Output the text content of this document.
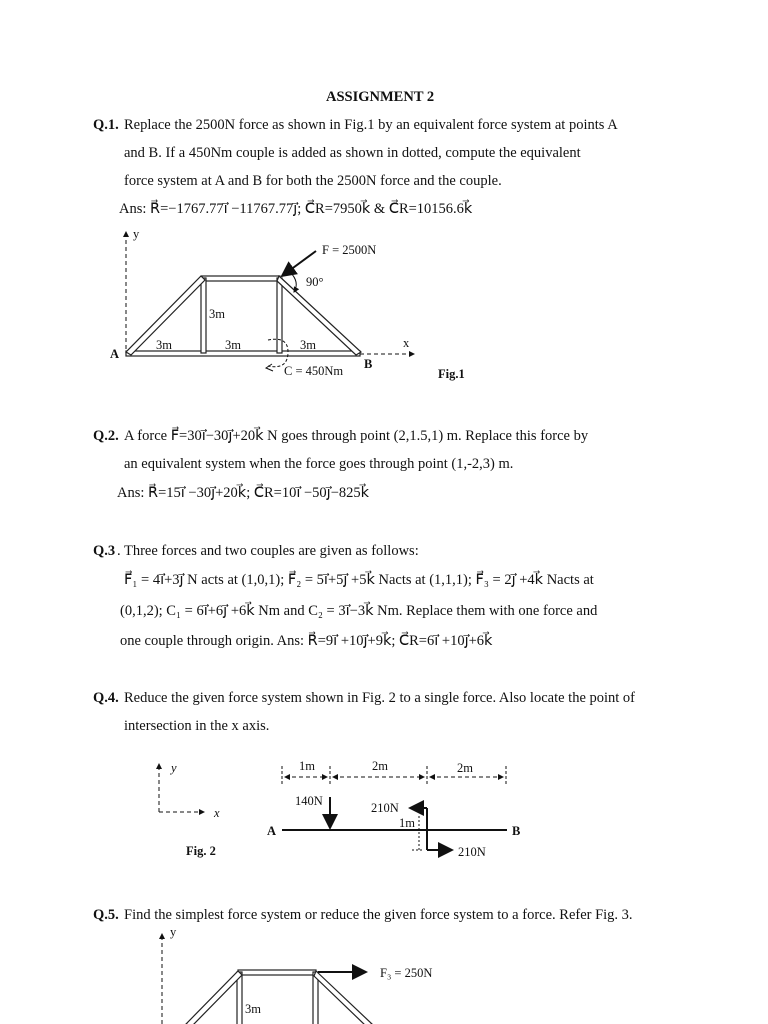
ASSIGNMENT 2
Q.1. Replace the 2500N force as shown in Fig.1 by an equivalent force system at points A
and B. If a 450Nm couple is added as shown in dotted, compute the equivalent
force system at A and B for both the 2500N force and the couple.
Ans: R⃗=−1767.77i⃗ −11767.77j⃗; C⃗R=7950k⃗ & C⃗R=10156.6k⃗
Q.2. A force F⃗=30i⃗−30j⃗+20k⃗ N goes through point (2,1.5,1) m. Replace this force by
an equivalent system when the force goes through point (1,-2,3) m.
Ans: R⃗=15i⃗ −30j⃗+20k⃗; C⃗R=10i⃗ −50j⃗−825k⃗
Q.3 . Three forces and two couples are given as follows:
F⃗₁ = 4i⃗+3j⃗ N acts at (1,0,1); F⃗₂ = 5i⃗+5j⃗ +5k⃗ Nacts at (1,1,1); F⃗₃ = 2j⃗ +4k⃗ Nacts at
(0,1,2); C₁ = 6i⃗+6j⃗ +6k⃗ Nm and C₂ = 3i⃗−3k⃗ Nm. Replace them with one force and
one couple through origin. Ans: R⃗=9i⃗ +10j⃗+9k⃗; C⃗R=6i⃗ +10j⃗+6k⃗
Q.4. Reduce the given force system shown in Fig. 2 to a single force. Also locate the point of
intersection in the x axis.
Q.5. Find the simplest force system or reduce the given force system to a force. Refer Fig. 3.
y
x
F = 2500N
90°
3m
3m	3m	3m
A
B
C = 450Nm	Fig.1
y
x
1m	2m	2m
A	B
140N	210N
210N
1m
Fig. 2
y
F₃ = 250N
3m
